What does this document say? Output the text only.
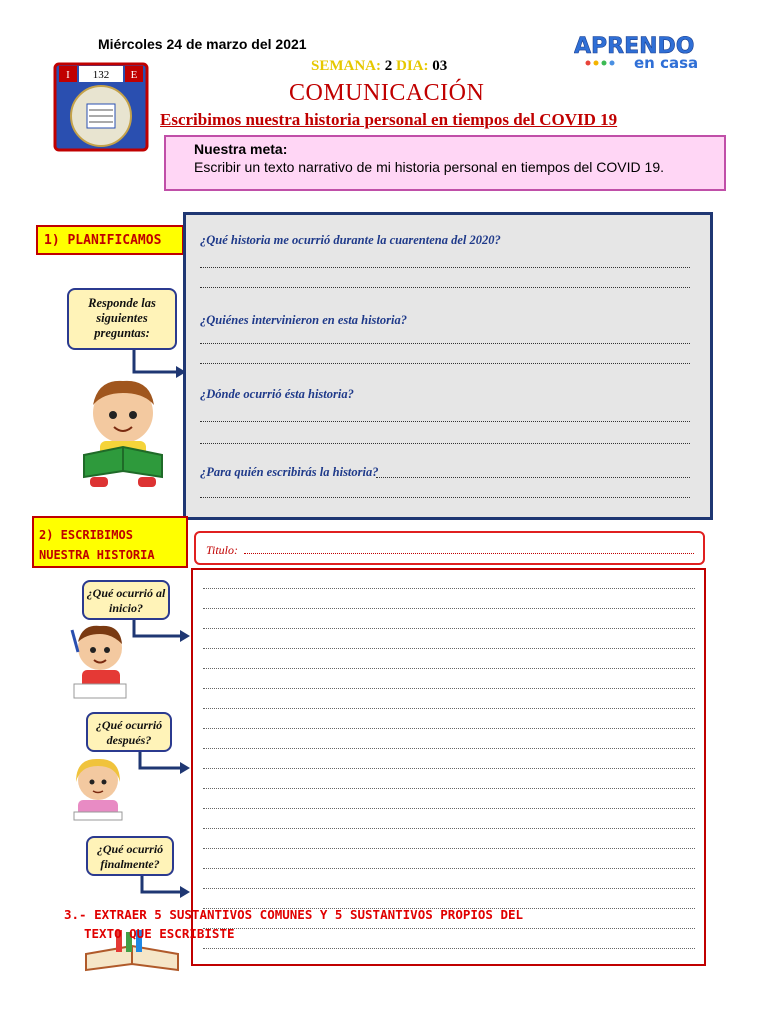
Miércoles 24 de marzo del 2021
SEMANA: 2 DIA: 03
COMUNICACIÓN
Escribimos nuestra historia personal en tiempos del COVID 19
I 132 E
APRENDO
en casa
Nuestra meta:
Escribir un texto narrativo de mi historia personal en tiempos del COVID 19.
1) PLANIFICAMOS
Responde las siguientes preguntas:
¿Qué historia me ocurrió durante la cuarentena del 2020?
¿Quiénes intervinieron en esta historia?
¿Dónde ocurrió ésta historia?
¿Para quién escribirás la historia?
2) ESCRIBIMOS
NUESTRA HISTORIA	Titulo:
¿Qué ocurrió al inicio?
¿Qué ocurrió después?
¿Qué ocurrió finalmente?
3.- EXTRAER 5 SUSTANTIVOS COMUNES Y 5 SUSTANTIVOS PROPIOS DEL
TEXTO QUE ESCRIBISTE
